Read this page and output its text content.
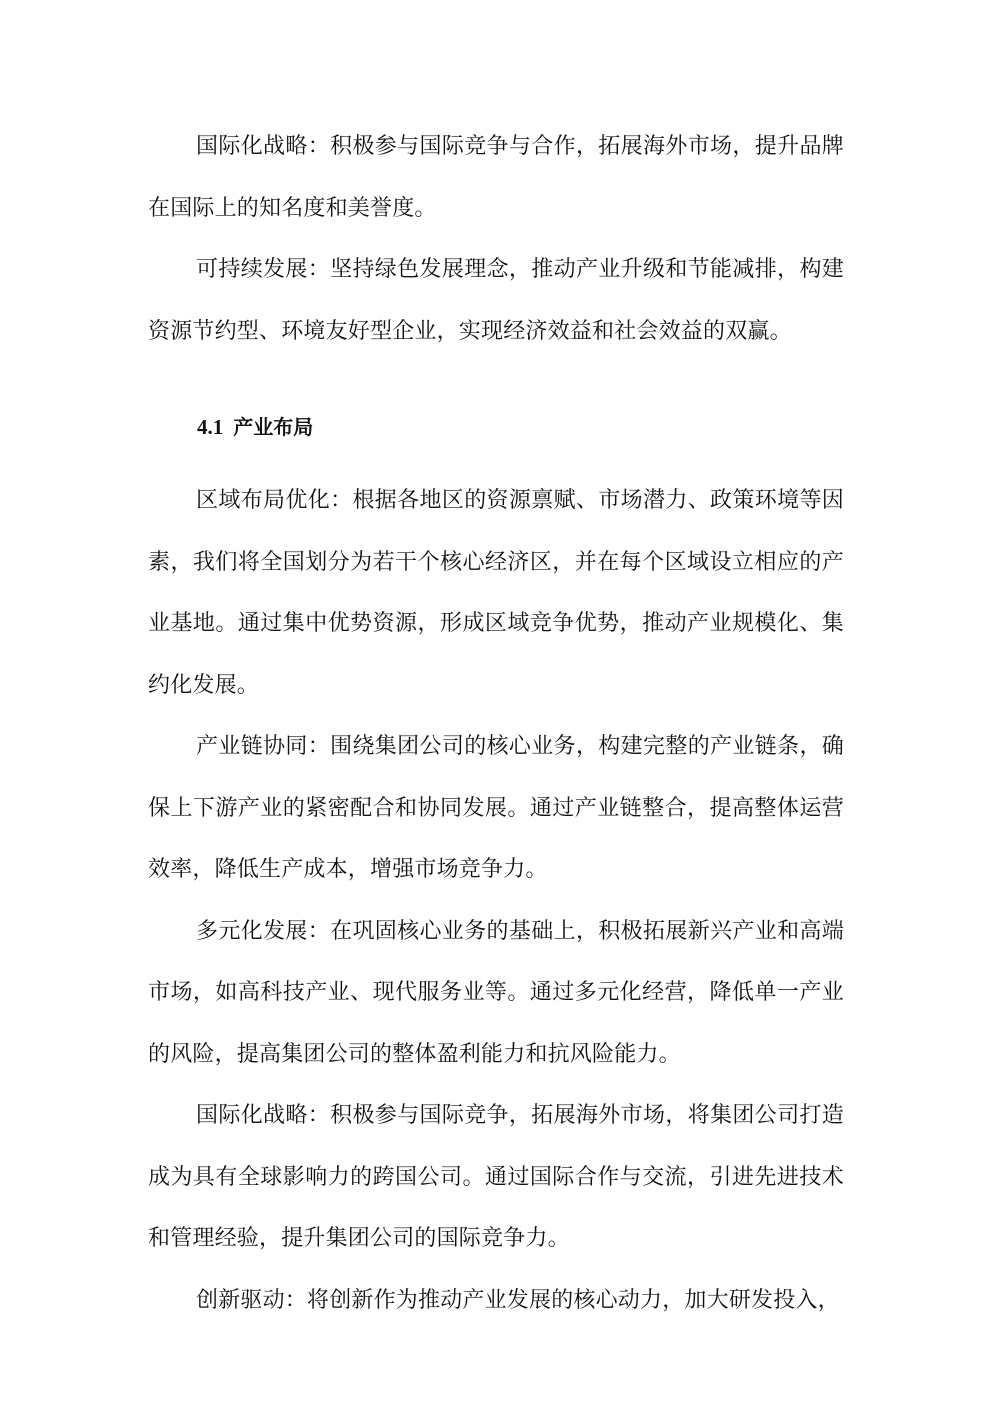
国际化战略：积极参与国际竞争与合作，拓展海外市场，提升品牌在国际上的知名度和美誉度。

可持续发展：坚持绿色发展理念，推动产业升级和节能减排，构建资源节约型、环境友好型企业，实现经济效益和社会效益的双赢。

4.1 产业布局

区域布局优化：根据各地区的资源禀赋、市场潜力、政策环境等因素，我们将全国划分为若干个核心经济区，并在每个区域设立相应的产业基地。通过集中优势资源，形成区域竞争优势，推动产业规模化、集约化发展。

产业链协同：围绕集团公司的核心业务，构建完整的产业链条，确保上下游产业的紧密配合和协同发展。通过产业链整合，提高整体运营效率，降低生产成本，增强市场竞争力。

多元化发展：在巩固核心业务的基础上，积极拓展新兴产业和高端市场，如高科技产业、现代服务业等。通过多元化经营，降低单一产业的风险，提高集团公司的整体盈利能力和抗风险能力。

国际化战略：积极参与国际竞争，拓展海外市场，将集团公司打造成为具有全球影响力的跨国公司。通过国际合作与交流，引进先进技术和管理经验，提升集团公司的国际竞争力。

创新驱动：将创新作为推动产业发展的核心动力，加大研发投入，
